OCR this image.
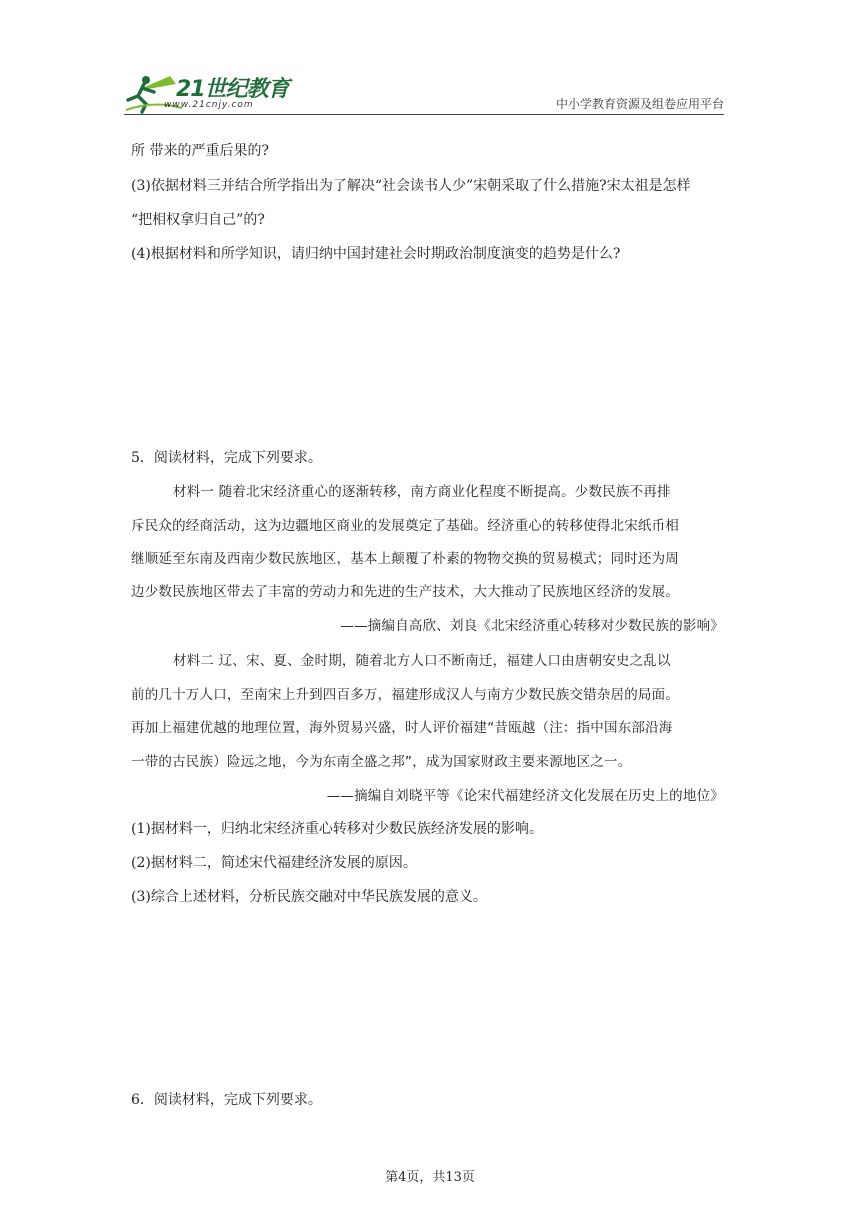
21世纪教育
www.21cnjy.com	中小学教育资源及组卷应用平台
所 带来的严重后果的?
(3)依据材料三并结合所学指出为了解决“社会读书人少”宋朝采取了什么措施?宋太祖是怎样
“把相权拿归自己”的?
(4)根据材料和所学知识，请归纳中国封建社会时期政治制度演变的趋势是什么?
5．阅读材料，完成下列要求。
材料一 随着北宋经济重心的逐渐转移，南方商业化程度不断提高。少数民族不再排
斥民众的经商活动，这为边疆地区商业的发展奠定了基础。经济重心的转移使得北宋纸币相
继顺延至东南及西南少数民族地区，基本上颠覆了朴素的物物交换的贸易模式；同时还为周
边少数民族地区带去了丰富的劳动力和先进的生产技术，大大推动了民族地区经济的发展。
——摘编自高欣、刘良《北宋经济重心转移对少数民族的影响》
材料二 辽、宋、夏、金时期，随着北方人口不断南迁，福建人口由唐朝安史之乱以
前的几十万人口，至南宋上升到四百多万，福建形成汉人与南方少数民族交错杂居的局面。
再加上福建优越的地理位置，海外贸易兴盛，时人评价福建“昔瓯越（注：指中国东部沿海
一带的古民族）险远之地，今为东南全盛之邦”，成为国家财政主要来源地区之一。
——摘编自刘晓平等《论宋代福建经济文化发展在历史上的地位》
(1)据材料一，归纳北宋经济重心转移对少数民族经济发展的影响。
(2)据材料二，简述宋代福建经济发展的原因。
(3)综合上述材料，分析民族交融对中华民族发展的意义。
6．阅读材料，完成下列要求。
第4页，共13页
